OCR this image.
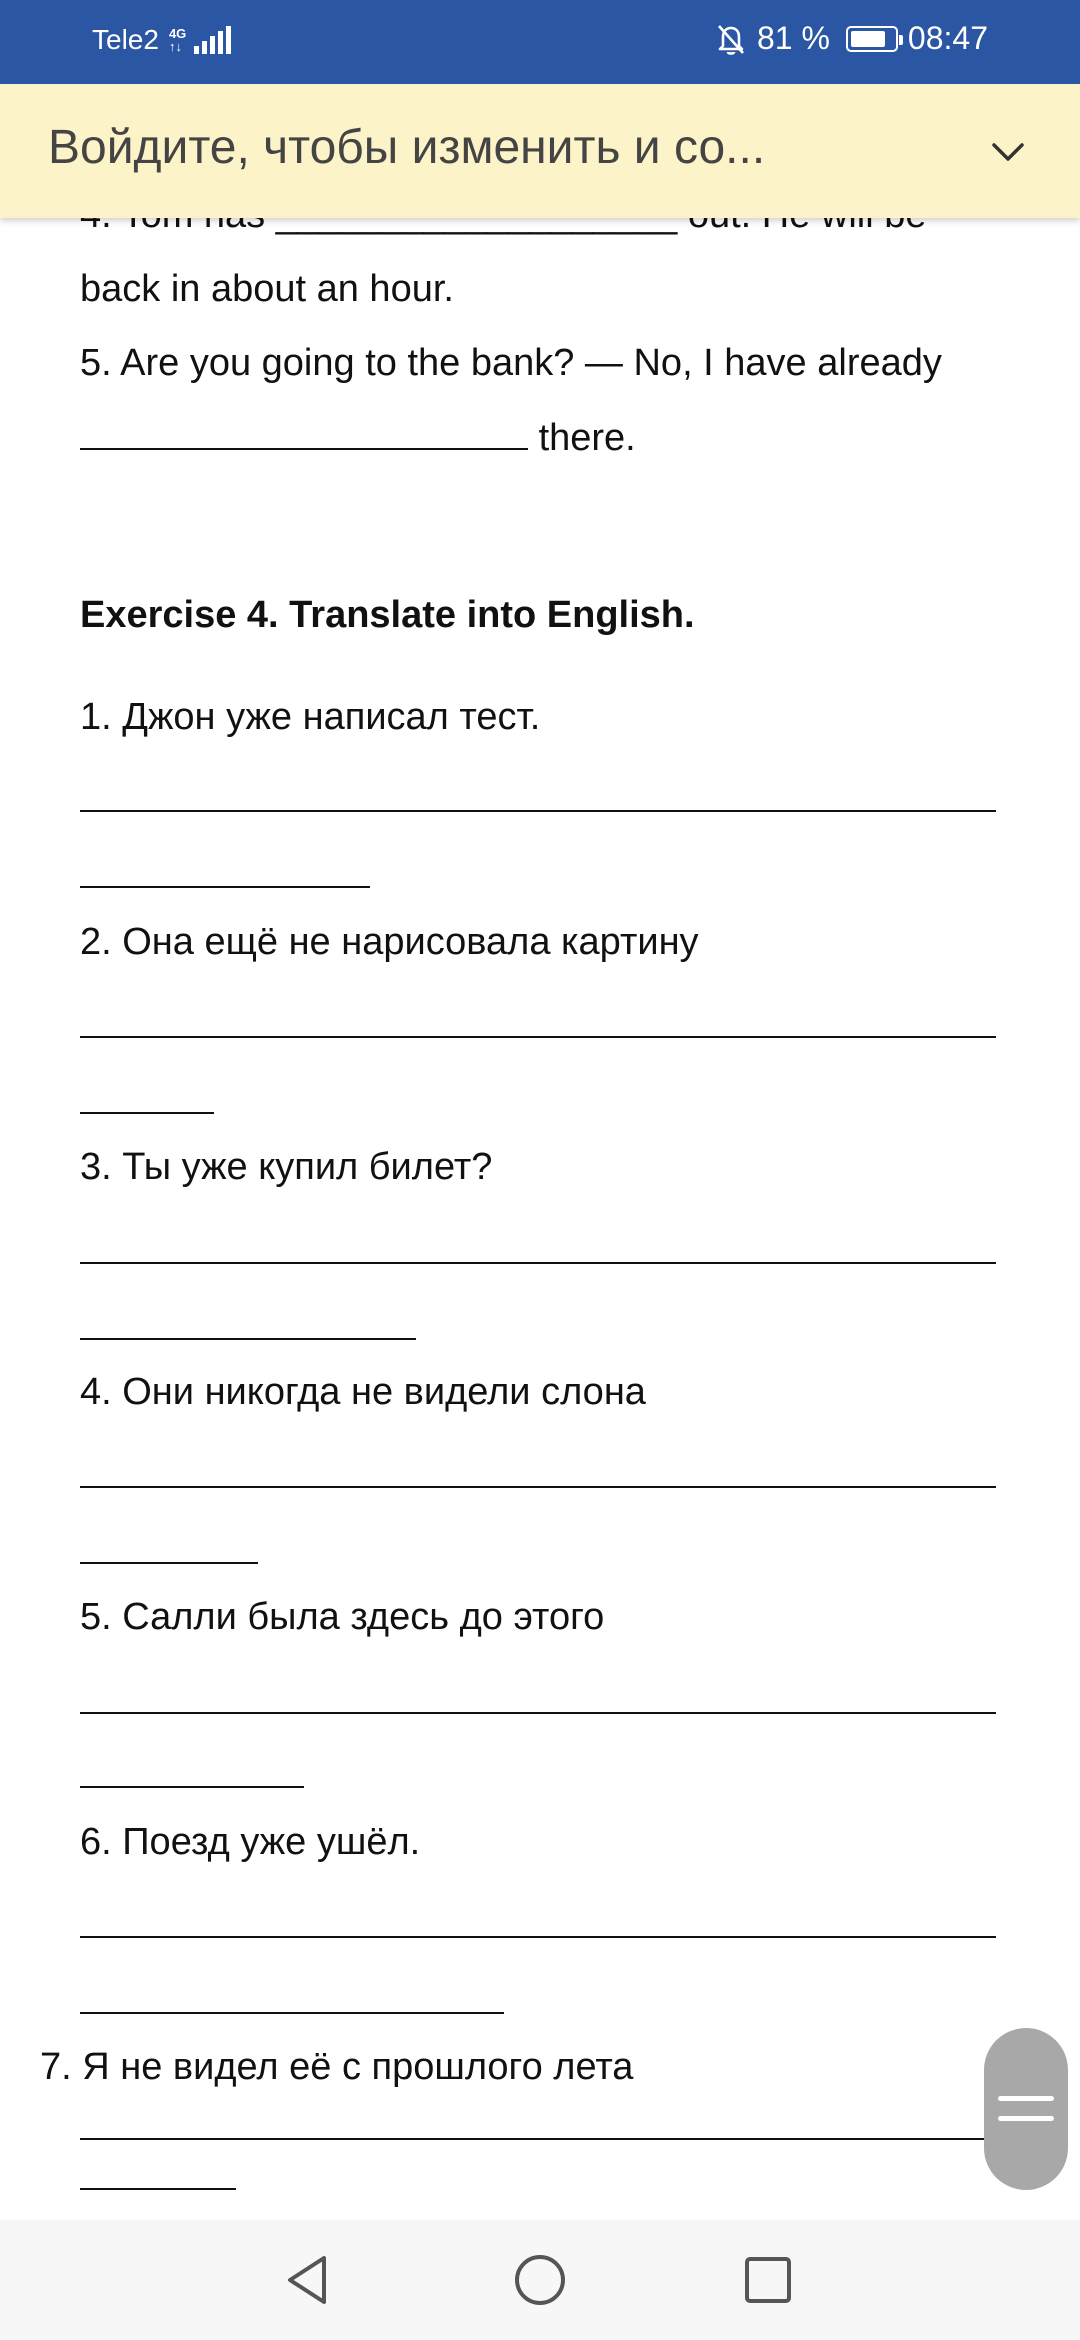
back in about an hour.
5. Are you going to the bank? — No, I have already
there.
Exercise 4. Translate into English.
1. Джон уже написал тест.
2. Она ещё не нарисовала картину
3. Ты уже купил билет?
4. Они никогда не видели слона
5. Салли была здесь до этого
6. Поезд уже ушёл.
7. Я не видел её с прошлого лета
Tele2 4G
↑↓	81 % 08:47
Войдите, чтобы изменить и со...
